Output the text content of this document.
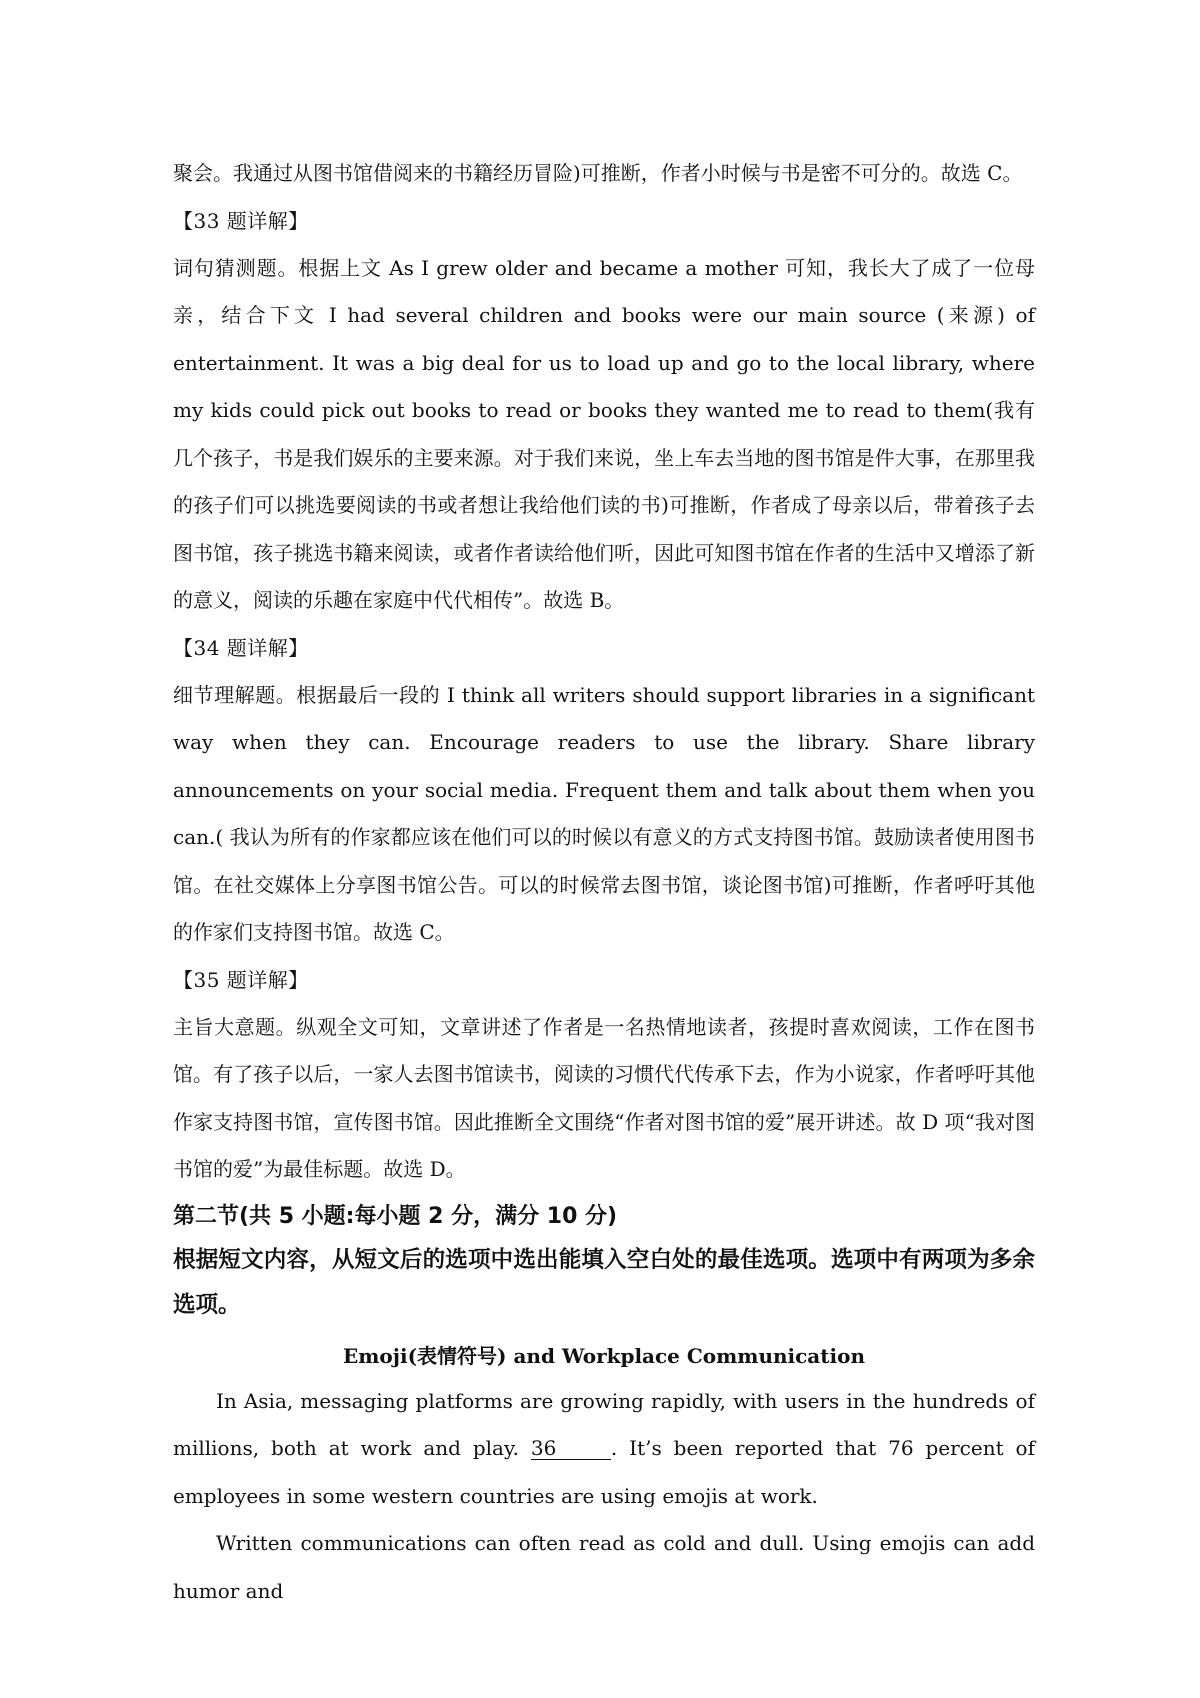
聚会。我通过从图书馆借阅来的书籍经历冒险)可推断，作者小时候与书是密不可分的。故选 C。

【33 题详解】

词句猜测题。根据上文 As I grew older and became a mother 可知，我长大了成了一位母亲，结合下文 I had several children and books were our main source (来源) of entertainment. It was a big deal for us to load up and go to the local library, where my kids could pick out books to read or books they wanted me to read to them(我有几个孩子，书是我们娱乐的主要来源。对于我们来说，坐上车去当地的图书馆是件大事，在那里我的孩子们可以挑选要阅读的书或者想让我给他们读的书)可推断，作者成了母亲以后，带着孩子去图书馆，孩子挑选书籍来阅读，或者作者读给他们听，因此可知图书馆在作者的生活中又增添了新的意义，阅读的乐趣在家庭中代代相传”。故选 B。

【34 题详解】

细节理解题。根据最后一段的 I think all writers should support libraries in a significant way when they can. Encourage readers to use the library. Share library announcements on your social media. Frequent them and talk about them when you can.( 我认为所有的作家都应该在他们可以的时候以有意义的方式支持图书馆。鼓励读者使用图书馆。在社交媒体上分享图书馆公告。可以的时候常去图书馆，谈论图书馆)可推断，作者呼吁其他的作家们支持图书馆。故选 C。

【35 题详解】

主旨大意题。纵观全文可知，文章讲述了作者是一名热情地读者，孩提时喜欢阅读，工作在图书馆。有了孩子以后，一家人去图书馆读书，阅读的习惯代代传承下去，作为小说家，作者呼吁其他作家支持图书馆，宣传图书馆。因此推断全文围绕“作者对图书馆的爱”展开讲述。故 D 项“我对图书馆的爱”为最佳标题。故选 D。

第二节(共 5 小题:每小题 2 分，满分 10 分)
根据短文内容，从短文后的选项中选出能填入空白处的最佳选项。选项中有两项为多余选项。
Emoji(表情符号) and Workplace Communication

In Asia, messaging platforms are growing rapidly, with users in the hundreds of millions, both at work and play. 36	. It’s been reported that 76 percent of employees in some western countries are using emojis at work.

Written communications can often read as cold and dull. Using emojis can add humor and
